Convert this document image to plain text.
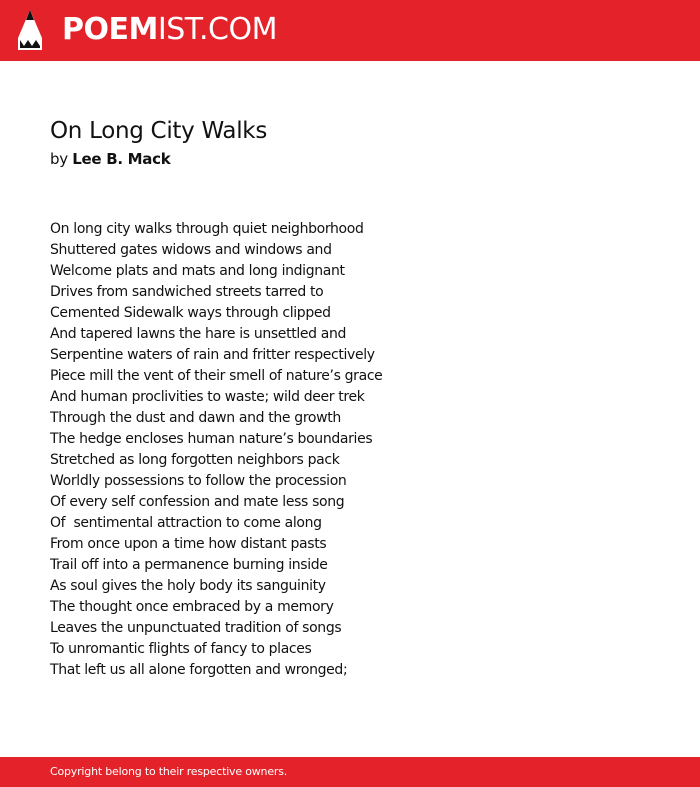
POEMIST.COM
On Long City Walks
by Lee B. Mack
On long city walks through quiet neighborhood
Shuttered gates widows and windows and
Welcome plats and mats and long indignant
Drives from sandwiched streets tarred to
Cemented Sidewalk ways through clipped
And tapered lawns the hare is unsettled and
Serpentine waters of rain and fritter respectively
Piece mill the vent of their smell of nature’s grace
And human proclivities to waste; wild deer trek
Through the dust and dawn and the growth
The hedge encloses human nature’s boundaries
Stretched as long forgotten neighbors pack
Worldly possessions to follow the procession
Of every self confession and mate less song
Of  sentimental attraction to come along
From once upon a time how distant pasts
Trail off into a permanence burning inside
As soul gives the holy body its sanguinity
The thought once embraced by a memory
Leaves the unpunctuated tradition of songs
To unromantic flights of fancy to places
That left us all alone forgotten and wronged;
Copyright belong to their respective owners.
